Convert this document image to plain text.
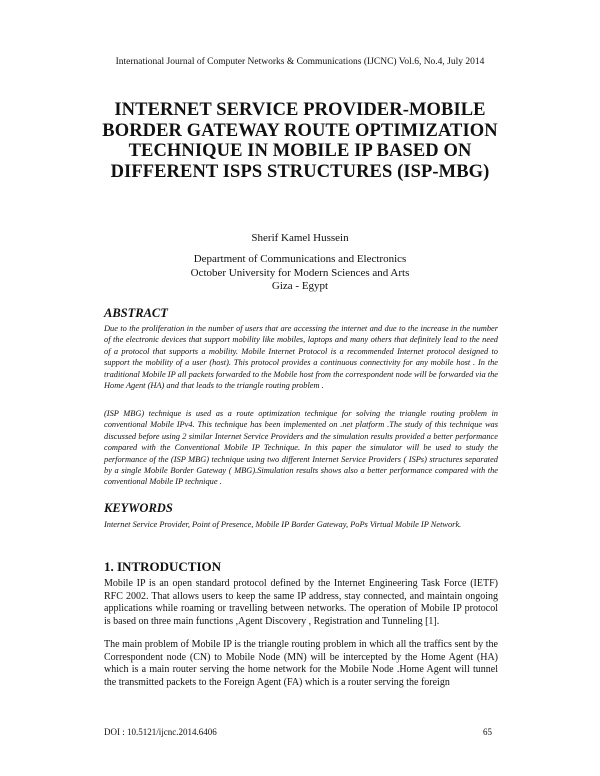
International Journal of Computer Networks & Communications (IJCNC) Vol.6, No.4, July 2014
INTERNET SERVICE PROVIDER-MOBILE BORDER GATEWAY ROUTE OPTIMIZATION TECHNIQUE IN MOBILE IP BASED ON DIFFERENT ISPS STRUCTURES (ISP-MBG)
Sherif Kamel Hussein
Department of Communications and Electronics
October University for Modern Sciences and Arts
Giza - Egypt
ABSTRACT

Due to the proliferation in the number of users that are accessing the internet and due to the increase in the number of the electronic devices that support mobility like mobiles, laptops and many others that definitely lead to the need of a protocol that supports a mobility. Mobile Internet Protocol is a recommended Internet protocol designed to support the mobility of a user (host). This protocol provides a continuous connectivity for any mobile host . In the traditional Mobile IP all packets forwarded to the Mobile host from the correspondent node will be forwarded via the Home Agent (HA) and that leads to the triangle routing problem .

(ISP MBG) technique is used as a route optimization technique for solving the triangle routing problem in conventional Mobile IPv4. This technique has been implemented on .net platform .The study of this technique was discussed before using 2 similar Internet Service Providers and the simulation results provided a better performance compared with the Conventional Mobile IP Technique. In this paper the simulator will be used to study the performance of the (ISP MBG) technique using two different Internet Service Providers ( ISPs) structures separated by a single Mobile Border Gateway ( MBG).Simulation results shows also a better performance compared with the conventional Mobile IP technique .

KEYWORDS

Internet Service Provider, Point of Presence, Mobile IP Border Gateway, PoPs Virtual Mobile IP Network.

1. INTRODUCTION

Mobile IP is an open standard protocol defined by the Internet Engineering Task Force (IETF) RFC 2002. That allows users to keep the same IP address, stay connected, and maintain ongoing applications while roaming or travelling between networks. The operation of Mobile IP protocol is based on three main functions ,Agent Discovery , Registration and Tunneling [1].

The main problem of Mobile IP is the triangle routing problem in which all the traffics sent by the Correspondent node (CN) to Mobile Node (MN) will be intercepted by the Home Agent (HA) which is a main router serving the home network for the Mobile Node .Home Agent will tunnel the transmitted packets to the Foreign Agent (FA) which is a router serving the foreign

DOI : 10.5121/ijcnc.2014.6406	65
